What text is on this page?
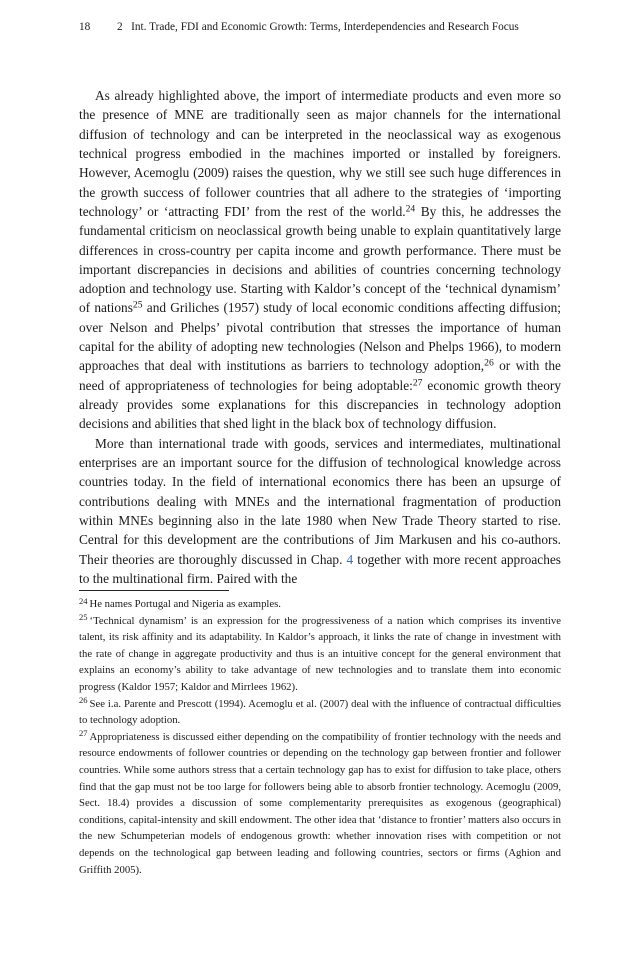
18 2   Int. Trade, FDI and Economic Growth: Terms, Interdependencies and Research Focus

As already highlighted above, the import of intermediate products and even more so the presence of MNE are traditionally seen as major channels for the international diffusion of technology and can be interpreted in the neoclassical way as exogenous technical progress embodied in the machines imported or installed by foreigners. However, Acemoglu (2009) raises the question, why we still see such huge differences in the growth success of follower countries that all adhere to the strategies of ‘importing technology’ or ‘attracting FDI’ from the rest of the world.$^{24}$ By this, he addresses the fundamental criticism on neoclassical growth being unable to explain quantitatively large differences in cross-country per capita income and growth performance. There must be important discrepancies in decisions and abilities of countries concerning technology adoption and technology use. Starting with Kaldor’s concept of the ‘technical dynamism’ of nations$^{25}$ and Griliches (1957) study of local economic conditions affecting diffusion; over Nelson and Phelps’ pivotal contribution that stresses the importance of human capital for the ability of adopting new technologies (Nelson and Phelps 1966), to modern approaches that deal with institutions as barriers to technology adoption,$^{26}$ or with the need of appropriateness of technologies for being adoptable:$^{27}$ economic growth theory already provides some explanations for this discrepancies in technology adoption decisions and abilities that shed light in the black box of technology diffusion.

More than international trade with goods, services and intermediates, multinational enterprises are an important source for the diffusion of technological knowledge across countries today. In the field of international economics there has been an upsurge of contributions dealing with MNEs and the international fragmentation of production within MNEs beginning also in the late 1980 when New Trade Theory started to rise. Central for this development are the contributions of Jim Markusen and his co-authors. Their theories are thoroughly discussed in Chap. 4 together with more recent approaches to the multinational firm. Paired with the

$^{24}$ He names Portugal and Nigeria as examples.

$^{25}$ ‘Technical dynamism’ is an expression for the progressiveness of a nation which comprises its inventive talent, its risk affinity and its adaptability. In Kaldor’s approach, it links the rate of change in investment with the rate of change in aggregate productivity and thus is an intuitive concept for the general environment that explains an economy’s ability to take advantage of new technologies and to translate them into economic progress (Kaldor 1957; Kaldor and Mirrlees 1962).

$^{26}$ See i.a. Parente and Prescott (1994). Acemoglu et al. (2007) deal with the influence of contractual difficulties to technology adoption.

$^{27}$ Appropriateness is discussed either depending on the compatibility of frontier technology with the needs and resource endowments of follower countries or depending on the technology gap between frontier and follower countries. While some authors stress that a certain technology gap has to exist for diffusion to take place, others find that the gap must not be too large for followers being able to absorb frontier technology. Acemoglu (2009, Sect. 18.4) provides a discussion of some complementarity prerequisites as exogenous (geographical) conditions, capital-intensity and skill endowment. The other idea that ‘distance to frontier’ matters also occurs in the new Schumpeterian models of endogenous growth: whether innovation rises with competition or not depends on the technological gap between leading and following countries, sectors or firms (Aghion and Griffith 2005).
